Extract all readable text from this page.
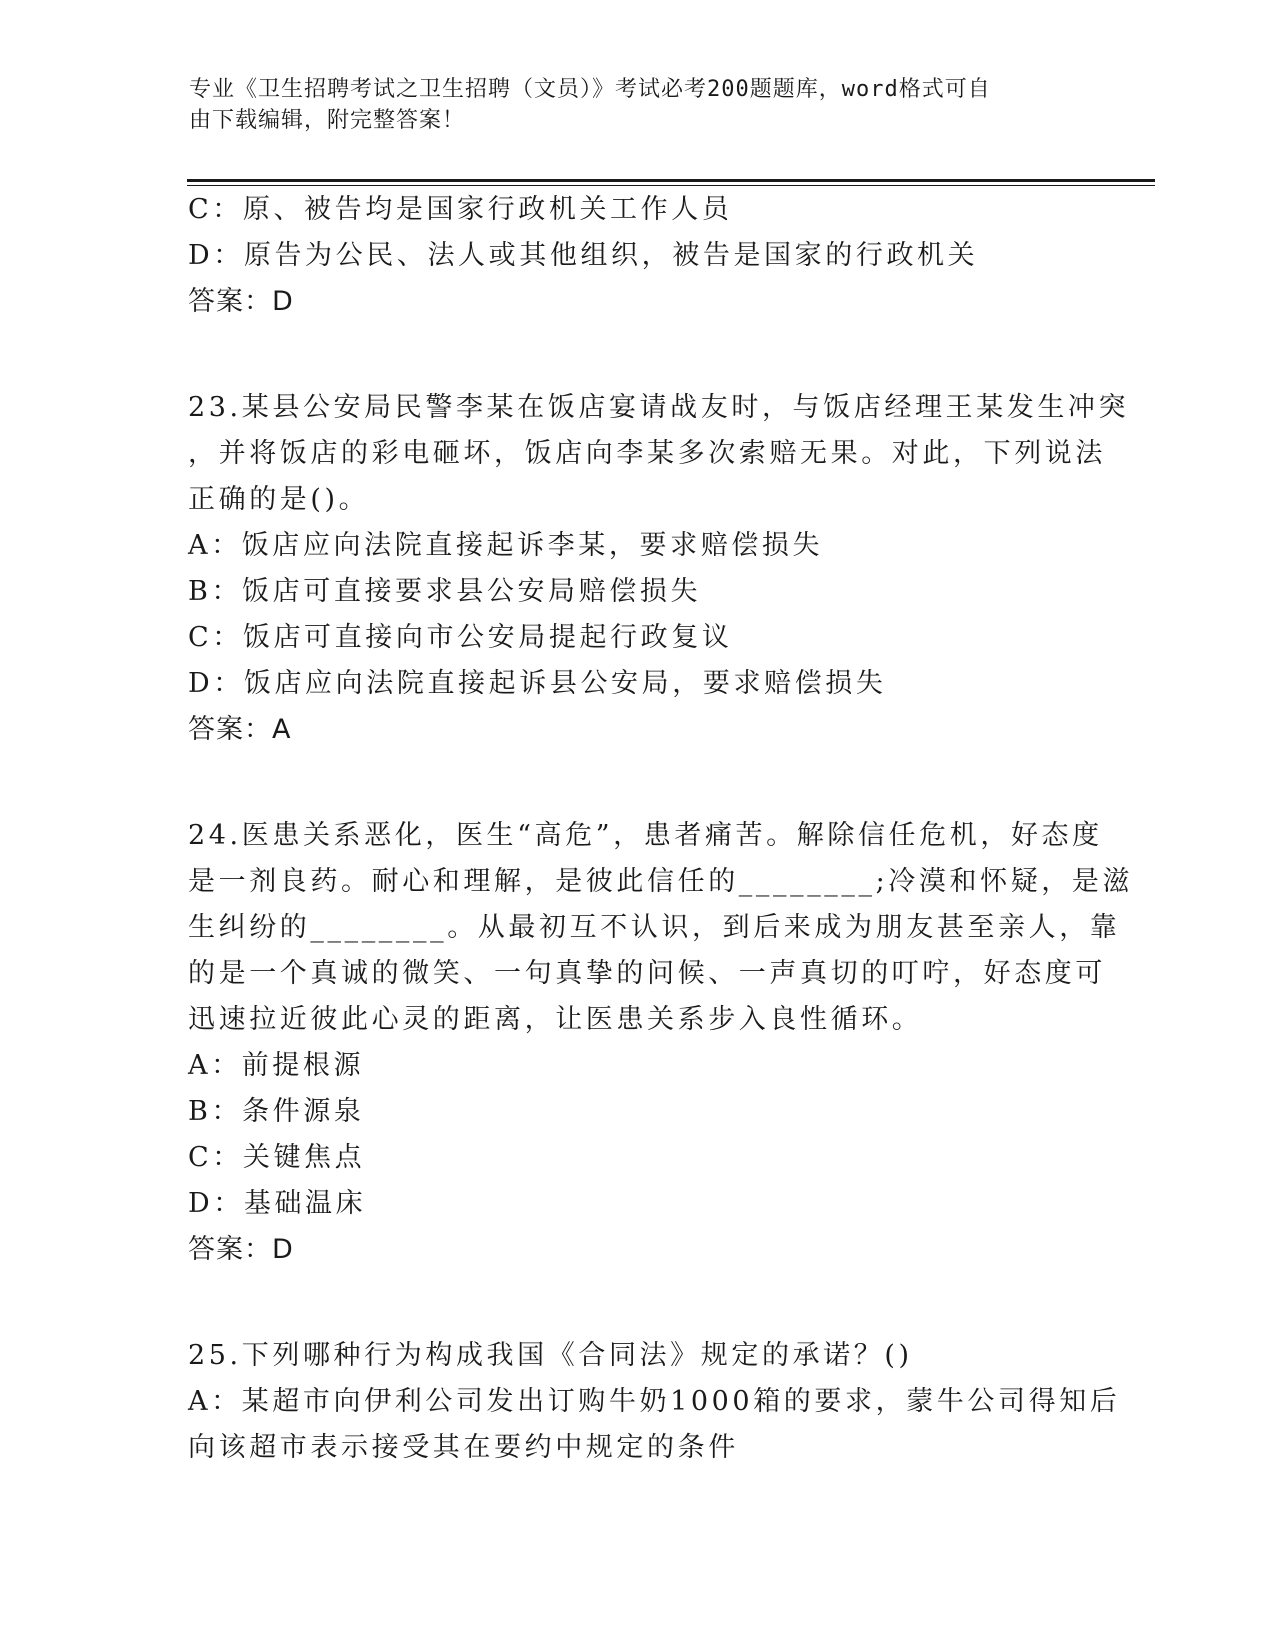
专业《卫生招聘考试之卫生招聘（文员）》考试必考200题题库，word格式可自
由下载编辑，附完整答案！
C：原、被告均是国家行政机关工作人员
D：原告为公民、法人或其他组织，被告是国家的行政机关
答案：D
23.某县公安局民警李某在饭店宴请战友时，与饭店经理王某发生冲突
，并将饭店的彩电砸坏，饭店向李某多次索赔无果。对此，下列说法
正确的是()。
A：饭店应向法院直接起诉李某，要求赔偿损失
B：饭店可直接要求县公安局赔偿损失
C：饭店可直接向市公安局提起行政复议
D：饭店应向法院直接起诉县公安局，要求赔偿损失
答案：A
24.医患关系恶化，医生“高危”，患者痛苦。解除信任危机，好态度
是一剂良药。耐心和理解，是彼此信任的________;冷漠和怀疑，是滋
生纠纷的________。从最初互不认识，到后来成为朋友甚至亲人，靠
的是一个真诚的微笑、一句真挚的问候、一声真切的叮咛，好态度可
迅速拉近彼此心灵的距离，让医患关系步入良性循环。
A：前提根源
B：条件源泉
C：关键焦点
D：基础温床
答案：D
25.下列哪种行为构成我国《合同法》规定的承诺？()
A：某超市向伊利公司发出订购牛奶1000箱的要求，蒙牛公司得知后
向该超市表示接受其在要约中规定的条件
